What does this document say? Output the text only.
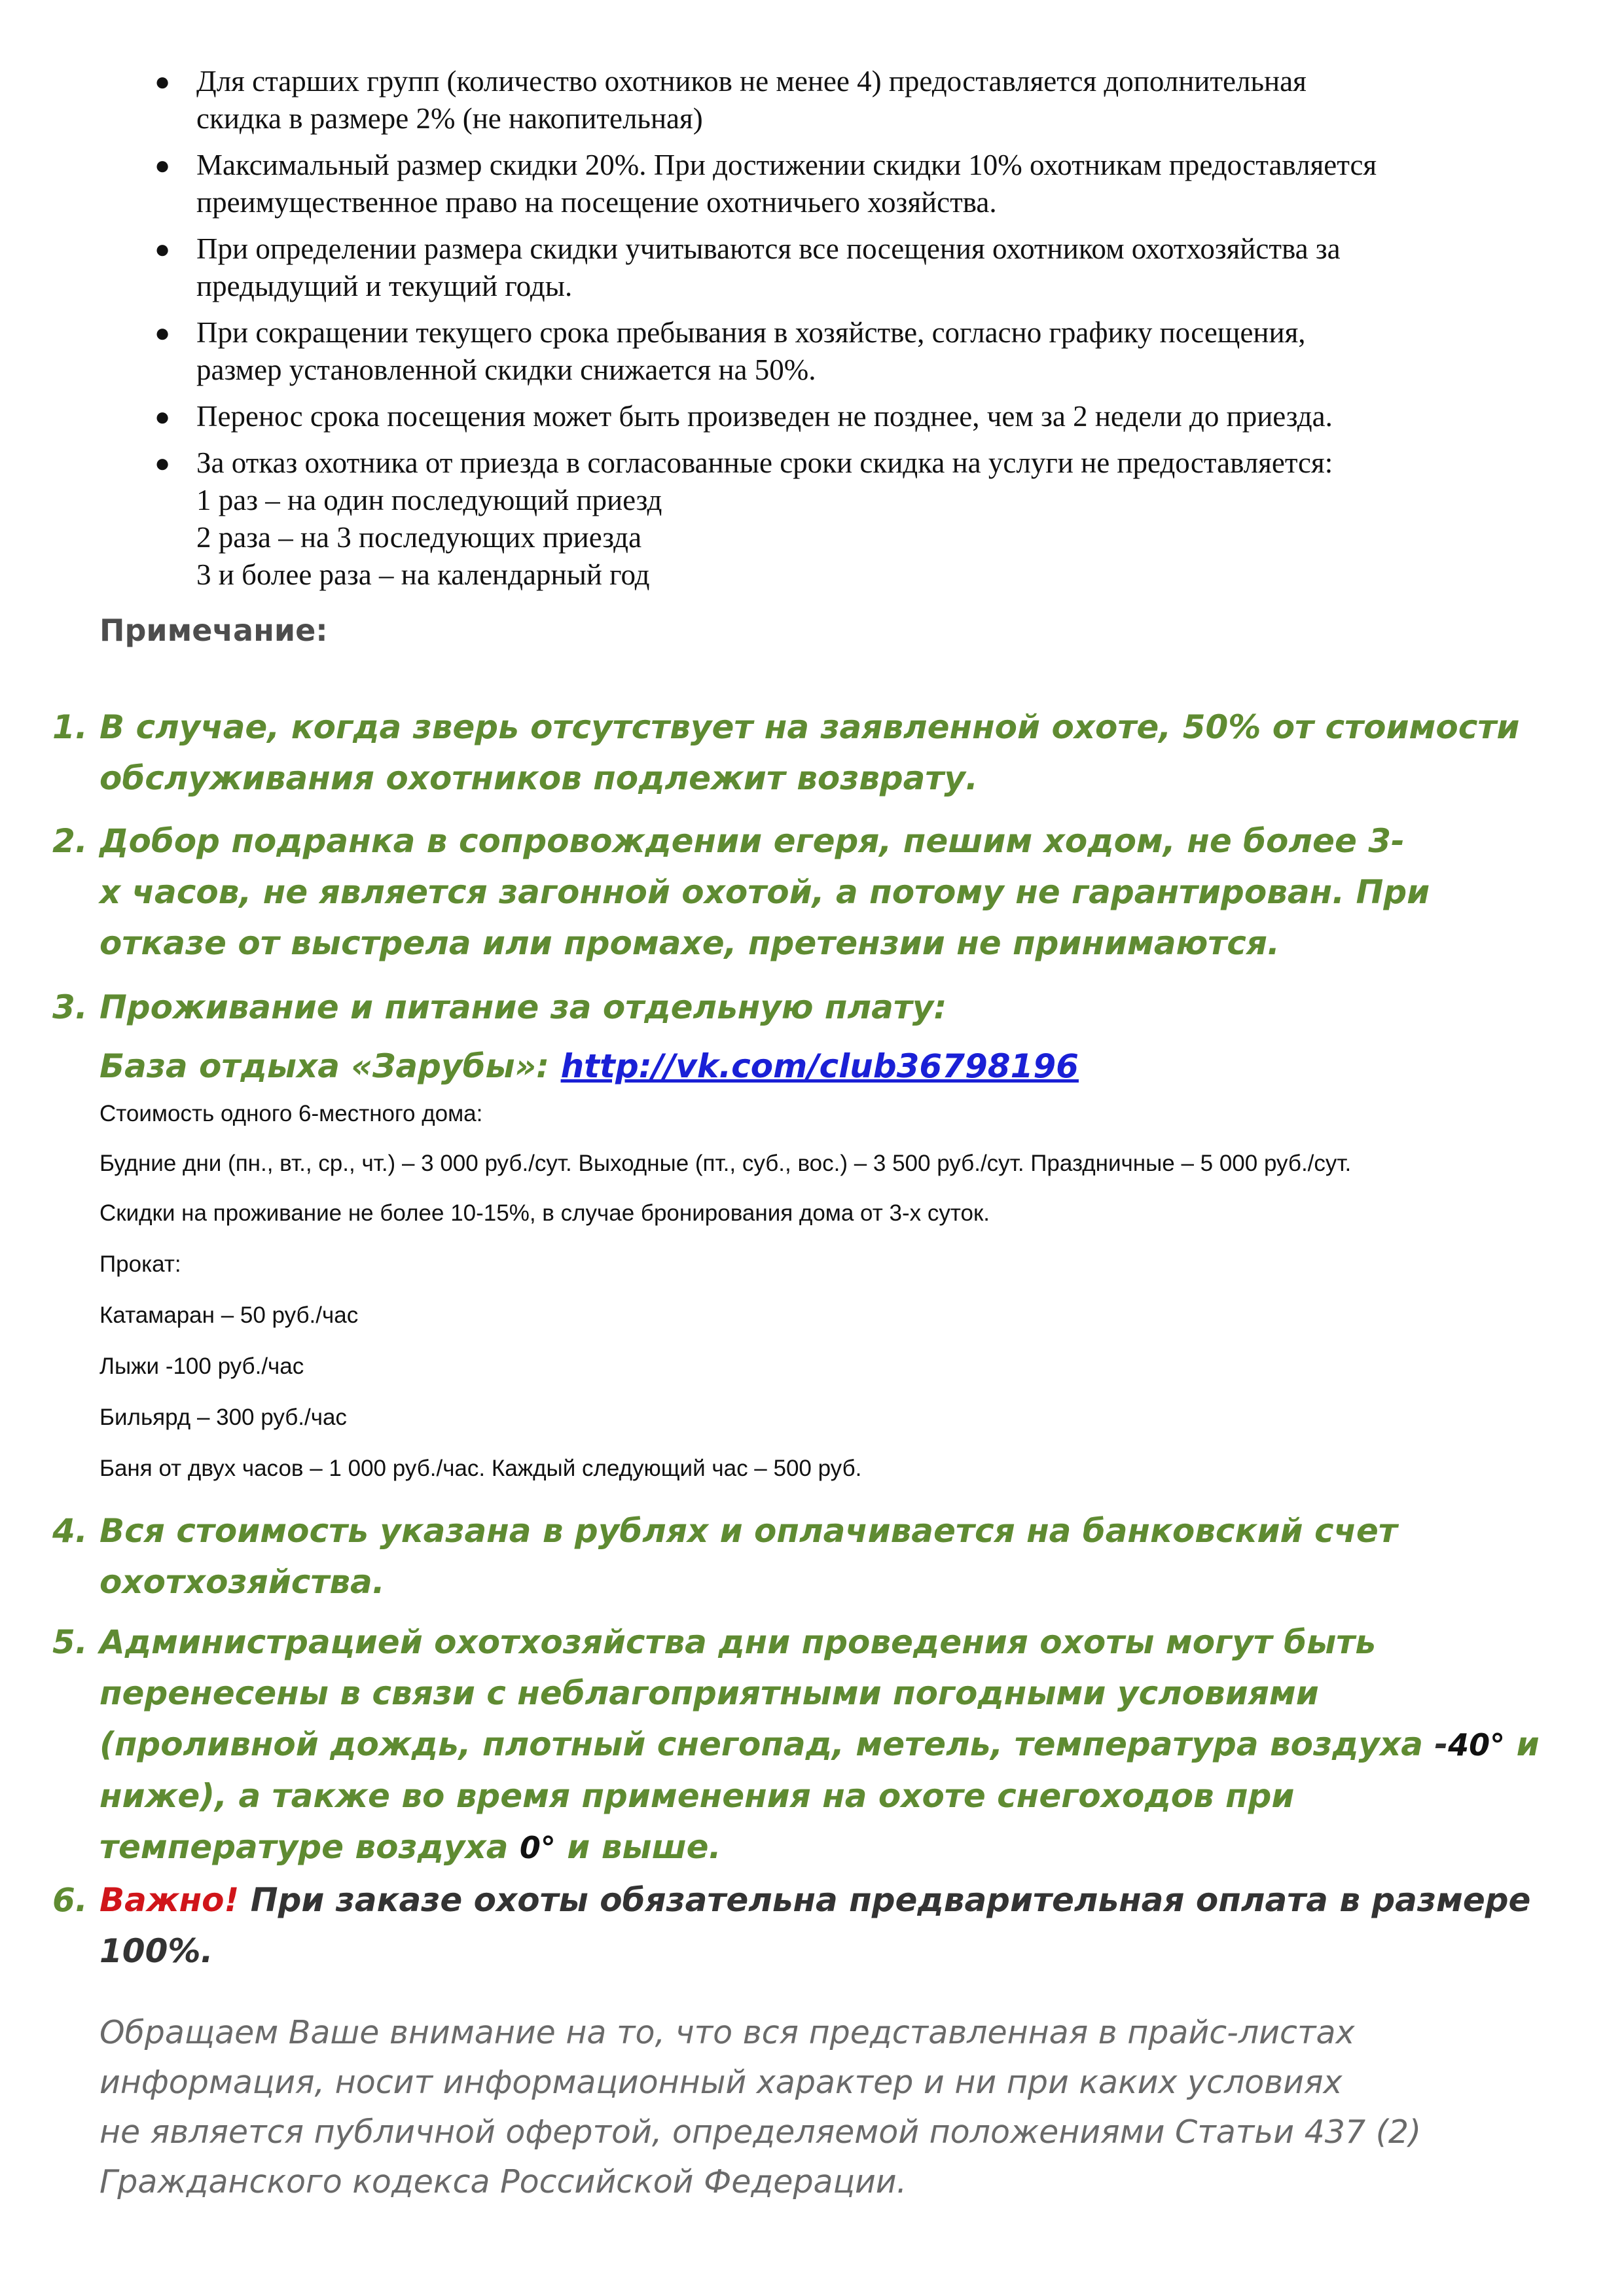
● Для старших групп (количество охотников не менее 4) предоставляется дополнительная
скидка в размере 2% (не накопительная)
● Максимальный размер скидки 20%. При достижении скидки 10% охотникам предоставляется
преимущественное право на посещение охотничьего хозяйства.
● При определении размера скидки учитываются все посещения охотником охотхозяйства за
предыдущий и текущий годы.
● При сокращении текущего срока пребывания в хозяйстве, согласно графику посещения,
размер установленной скидки снижается на 50%.
● Перенос срока посещения может быть произведен не позднее, чем за 2 недели до приезда.
● За отказ охотника от приезда в согласованные сроки скидка на услуги не предоставляется:
1 раз – на один последующий приезд
2 раза – на 3 последующих приезда
3 и более раза – на календарный год
Примечание:
1. В случае, когда зверь отсутствует на заявленной охоте, 50% от стоимости
обслуживания охотников подлежит возврату.
2. Добор подранка в сопровождении егеря, пешим ходом, не более 3-
х часов, не является загонной охотой, а потому не гарантирован. При
отказе от выстрела или промахе, претензии не принимаются.
3. Проживание и питание за отдельную плату:
База отдыха «Зарубы»: http://vk.com/club36798196
Стоимость одного 6-местного дома:
Будние дни (пн., вт., ср., чт.) – 3 000 руб./сут. Выходные (пт., суб., вос.) – 3 500 руб./сут. Праздничные – 5 000 руб./сут.
Скидки на проживание не более 10-15%, в случае бронирования дома от 3-х суток.
Прокат:
Катамаран – 50 руб./час
Лыжи -100 руб./час
Бильярд – 300 руб./час
Баня от двух часов – 1 000 руб./час. Каждый следующий час – 500 руб.
4. Вся стоимость указана в рублях и оплачивается на банковский счет
охотхозяйства.
5. Администрацией охотхозяйства дни проведения охоты могут быть
перенесены в связи с неблагоприятными погодными условиями
(проливной дождь, плотный снегопад, метель, температура воздуха -40° и
ниже), а также во время применения на охоте снегоходов при
температуре воздуха 0° и выше.
6. Важно! При заказе охоты обязательна предварительная оплата в размере
100%.
Обращаем Ваше внимание на то, что вся представленная в прайс-листах
информация, носит информационный характер и ни при каких условиях
не является публичной офертой, определяемой положениями Статьи 437 (2)
Гражданского кодекса Российской Федерации.
